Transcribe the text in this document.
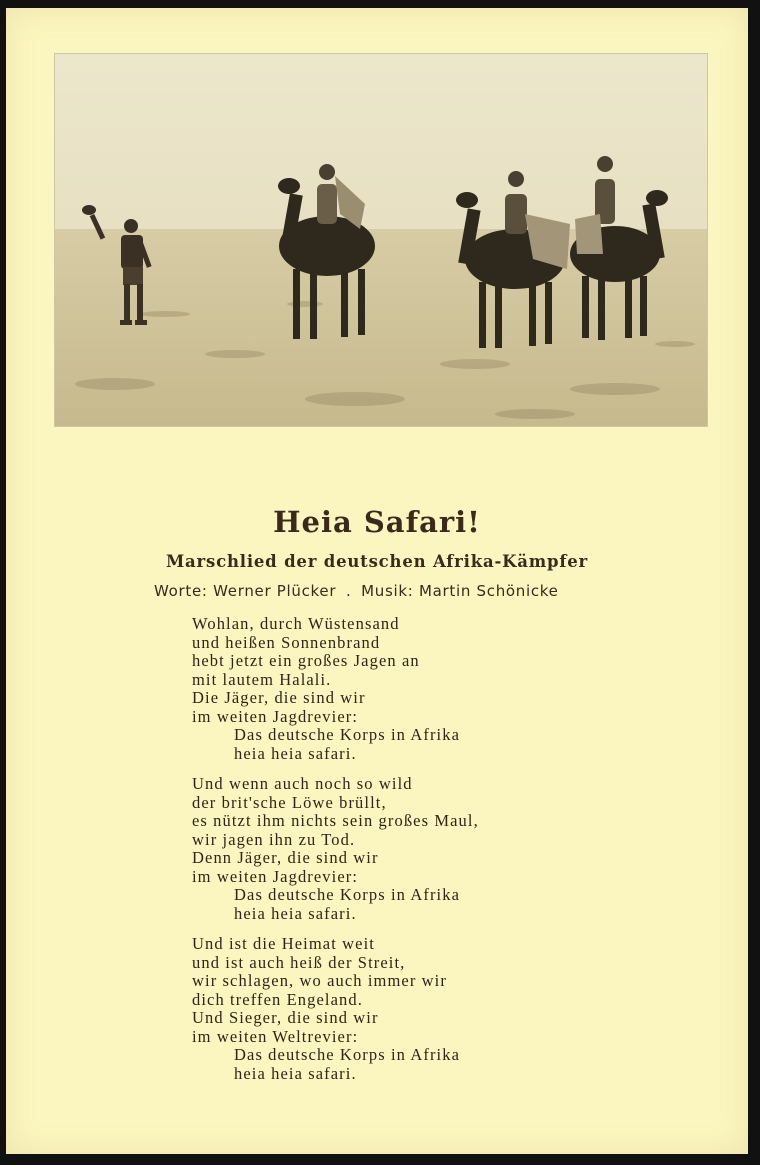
Heia Safari!
Marschlied der deutschen Afrika-Kämpfer
Worte: Werner Plücker . Musik: Martin Schönicke
Wohlan, durch Wüstensand
und heißen Sonnenbrand
hebt jetzt ein großes Jagen an
mit lautem Halali.
Die Jäger, die sind wir
im weiten Jagdrevier:
Das deutsche Korps in Afrika
heia heia safari.
Und wenn auch noch so wild
der brit'sche Löwe brüllt,
es nützt ihm nichts sein großes Maul,
wir jagen ihn zu Tod.
Denn Jäger, die sind wir
im weiten Jagdrevier:
Das deutsche Korps in Afrika
heia heia safari.
Und ist die Heimat weit
und ist auch heiß der Streit,
wir schlagen, wo auch immer wir
dich treffen Engeland.
Und Sieger, die sind wir
im weiten Weltrevier:
Das deutsche Korps in Afrika
heia heia safari.
